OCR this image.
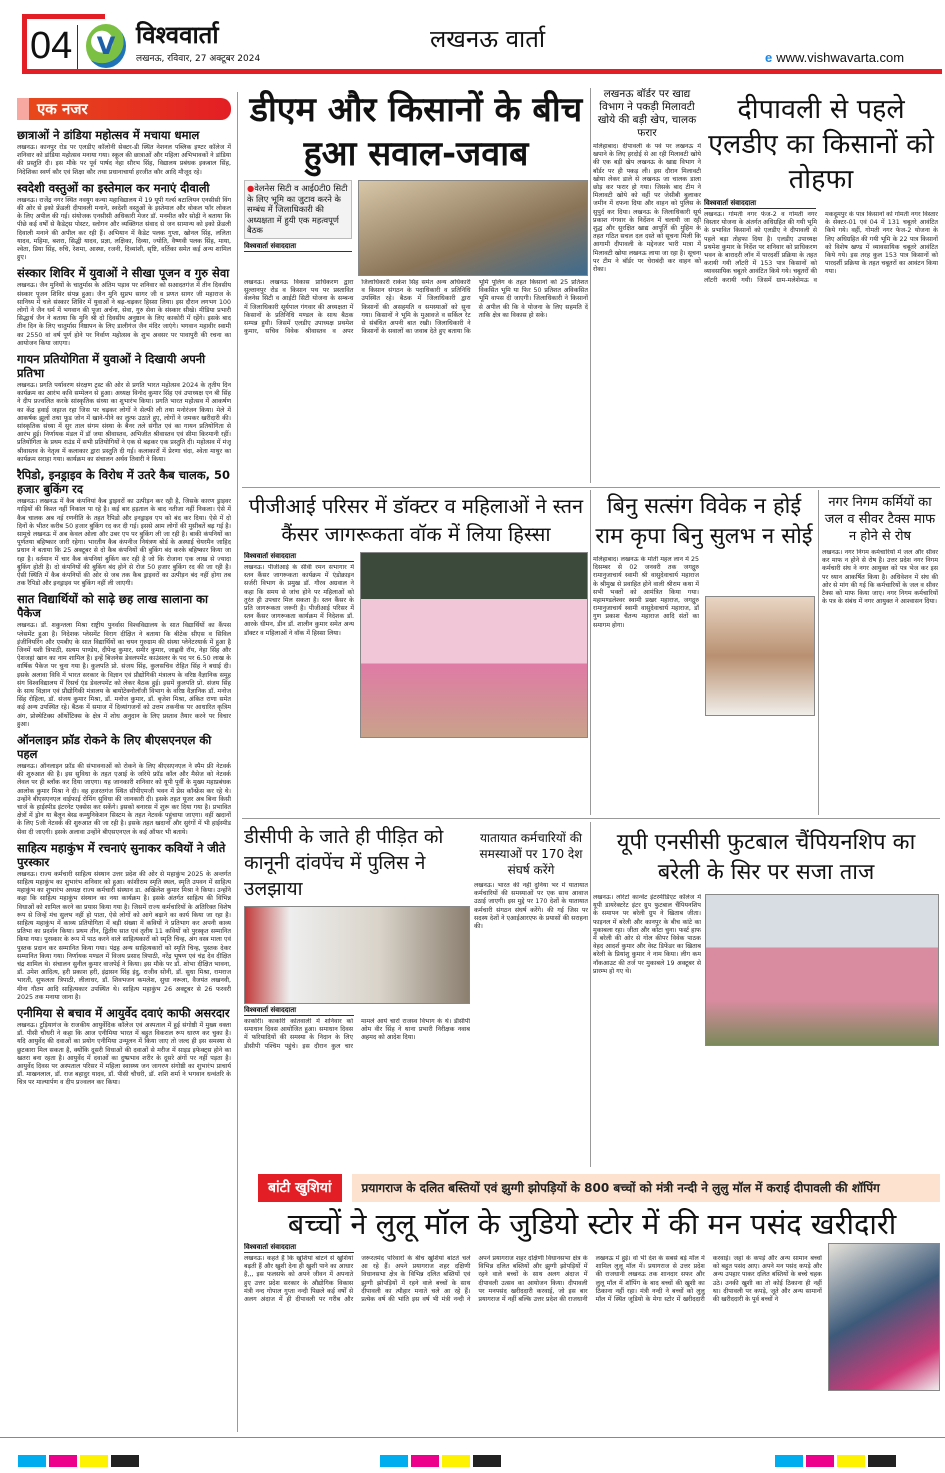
04	V विश्ववार्ता
लखनऊ, रविवार, 27 अक्टूबर 2024
लखनऊ वार्ता
e www.vishwavarta.com
एक नजर
छात्राओं ने डांडिया महोत्सव में मचाया धमाल
लखनऊ। कानपुर रोड पर एलडीए कॉलोनी सेक्टर-डी स्थित नेशनल पब्लिक इण्टर कॉलेज में शनिवार को डांडिया महोत्सव मनाया गया। स्कूल की छात्राओं और महिला अभिभावकों ने डांडिया की प्रस्तुति दी। इस मौके पर पूर्व पार्षद नेहा सौरभ सिंह, विद्यालय प्रबंधक इकबाल सिंह, निदेशिका स्वर्ण कौर एवं शिक्षा कौर तथा प्रधानाचार्या हरजीत कौर आदि मौजूद रहे।
स्वदेशी वस्तुओं का इस्तेमाल कर मनाएं दीवाली
लखनऊ। राजेंद्र नगर स्थित नवयुग कन्या महाविद्यालय में 19 यूपी गर्ल्स बटालियन एनसीसी विंग की ओर से इको फ्रेंडली दीपावली मनाने, स्वदेशी वस्तुओं के इस्तेमाल और वोकल फॉर लोकल के लिए अपील की गई। संयोजक एनसीसी अधिकारी मेजर डॉ. मनमीत कौर सोढ़ी ने बताया कि पीछे कई वर्षों से कैडेट्स पोस्टर, स्लोगन और व्यक्तिगत संवाद से जन सामान्य को इको फ्रेंडली दिवाली मनाने की अपील कर रही हैं। अभियान में कैडेट पलक गुप्ता, खोनल सिंह, ललिता यादव, महिमा, बशरा, सिद्धी यादव, प्रज्ञा, लक्षिका, दिव्या, ज्योति, वैष्णवी पलक सिंह, माया, श्वेता, प्रिया सिंह, रुचि, रेशमा, आस्था, रजनी, दिव्यांशी, सृष्टि, वर्तिका समेत कई अन्य शामिल हुए।
संस्कार शिविर में युवाओं ने सीखा पूजन व गुरु सेवा
लखनऊ। जैन मुनियों के चातुर्मास के अंतिम पड़ाव पर शनिवार को सआदतगंज में तीन दिवसीय संस्कार पूजन शिविर संपन्न हुआ। जैन मुनि सुप्रभ सागर जी व प्रणत सागर जी महाराज के सानिध्य में चले संस्कार शिविर में युवाओं ने बढ़-चढ़कर हिस्सा लिया। इस दौरान लगभग 100 लोगों ने जैन धर्म में भगवान की पूजा अर्चना, सेवा, गुरु सेवा के संस्कार सीखे। मीडिया प्रभारी सिद्धार्थ जैन ने बताया कि मुनि श्री दो दिवसीय अनुष्ठान के लिए काकोरी में रहेंगे। इसके बाद तीन दिन के लिए चातुर्मास निष्ठापन के लिए डालीगंज जैन मंदिर जाएंगे। भगवान महावीर स्वामी का 2550 वां वर्ष पूर्ण होने पर निर्वाण महोत्सव के शुभ अवसर पर पावापुरी की रचना का आयोजन किया जाएगा।
गायन प्रतियोगिता में युवाओं ने दिखायी अपनी प्रतिभा
लखनऊ। प्रगति पर्यावरण संरक्षण ट्रस्ट की ओर से प्रगति भारत महोत्सव 2024 के तृतीय दिन कार्यक्रम का आरंभ कवि सम्मेलन से हुआ। अध्यक्ष विनोद कुमार सिंह एवं उपाध्यक्ष एन बी सिंह ने दीप प्रज्वलित करके सांस्कृतिक संध्या का शुभारंभ किया। प्रगति भारत महोत्सव में आकर्षण का केंद्र हवाई जहाज रहा जिस पर चढ़कर लोगों ने सेल्फी ली तथा मनोरंजन किया। मेले में आकर्षक झूलों तथा फूड जोन में खाने-पीने का लुत्फ उठाते हुए, लोगों ने जमकर खरीदारी की। सांस्कृतिक संध्या में सुर ताल संगम संस्था के बैनर तले संगीत एवं का गायन प्रतियोगिता से आरंभ हुई। निर्णायक मंडल में डॉ जया श्रीवास्तव, अभिजीत श्रीवास्तव एवं सीमा किरमानी रहीं। प्रतियोगिता के प्रथम राउंड में सभी प्रतियोगियों ने एक से बढ़कर एक प्रस्तुति दी। महोत्सव में मंजू श्रीवास्तव के नेतृत्व में कलाकार द्वारा प्रस्तुति दी गई। कलाकारों में प्रेरणा चंदा, श्वेता माथुर का कार्यक्रम सराहा गया। कार्यक्रम का संचालन अर्थव तिवारी ने किया।
रैपिडो, इनड्राइव के विरोध में उतरे कैब चालक, 50 हजार बुकिंग रद
लखनऊ। लखनऊ में कैब कंपनियां कैब ड्राइवरों का उत्पीड़न कर रही है, जिसके कारण ड्राइवर गाड़ियों की किश्त नहीं निकाल पा रहे है। कई बार हड़ताल के बाद नतीजा नहीं निकला। ऐसे में कैब चालक अब नई रणनीति के तहत रैपिडो और इनड्राइव एप को बंद कर दिया। ऐसे में दो दिनों के भीतर करीब 50 हजार बुकिंग रद कर दी गई। इससे आम लोगों की मुसीबतें बढ़ गई है। सामूचे लखनऊ में अब केवल ओला और उबर एप पर बुकिंग ली जा रही है। बाकी कंपनियों का पूर्णतया बहिष्कार जारी रहेगा। भारतीय कैब कंपनीज नियंत्रण बोर्ड के अस्थाई चेयरमैन जाहिद प्रधान ने बताया कि 25 अक्टूबर से दो कैब कंपनियों की बुकिंग बंद करके बहिष्कार किया जा रहा है। वर्तमान में चार कैब कंपनियां बुकिंग कर रही है जो कि रोजाना एक लाख से ज्यादा बुकिंग होती है। दो कंपनियों की बुकिंग बंद होने से रोज 50 हजार बुकिंग रद की जा रही है। ऐसी स्थिति में कैब कंपनियों की ओर से जब तक कैब ड्राइवरों का उत्पीड़न बंद नहीं होगा तब तक रैपिडो और इनड्राइव पर बुकिंग नहीं ली जाएगी।
सात विद्यार्थियों को साढ़े छह लाख सालाना का पैकेज
लखनऊ। डॉ. शकुन्तला मिश्रा राष्ट्रीय पुनर्वास विश्वविद्यालय के सात विद्यार्थियों का कैंपस प्लेसमेंट हुआ है। निदेशक प्लेसमेंट विराग दीक्षित ने बताया कि बीटेक सीएस व सिविल इंजीनियरिंग और एमबीए के सात विद्यार्थियों का चयन गुरुग्राम की संस्था प्लेनेटरयार्क में हुआ है जिनमें यशी त्रिपाठी, सत्यम पाण्डेय, दीपेन्द्र कुमार, समीर कुमार, जाह्नवी रॉय, नेहा सिंह और ऐशजहां खान का नाम शामिल है। इन्हें बिजनेस डेवलपमेंट काउंसलर के पद पर 6.50 लाख के वार्षिक पैकेज पर चुना गया है। कुलपति प्रो. संजय सिंह, कुलसचिव रोहित सिंह ने बधाई दी। इसके अलावा विवि में भारत सरकार के विज्ञान एवं प्रौद्योगिकी मंत्रालय के वरिष्ठ वैज्ञानिक समूह संग विश्वविद्यालय में रिसर्च एंड डेवलपमेंट को लेकर बैठक हुई। इसमें कुलपति प्रो. संजय सिंह के साथ विज्ञान एवं प्रौद्योगिकी मंत्रालय के बायोटेक्नोलॉजी विभाग के वरिष्ठ वैज्ञानिक डॉ. मनोज सिंह रोहिला, डॉ. संजय कुमार मिश्रा, डॉ. मनोज कुमार, डॉ. बृजेश मिश्रा, अंकित राणा समेत कई अन्य उपस्थित रहे। बैठक में समाज में दिव्यांगजनों को उत्तम तकनीक पर आधारित कृत्रिम अंग, प्रोस्थेटिक्स ऑर्थोटिक्स के क्षेत्र में शोध अनुदान के लिए प्रस्ताव तैयार करने पर विचार हुआ।
ऑनलाइन फ्रॉड रोकने के लिए बीएसएनएल की पहल
लखनऊ। ऑनलाइन फ्रॉड की संभावनाओं को रोकने के लिए बीएसएनएल ने स्पैम फ्री नेटवर्क की शुरुआत की है। इस सुविधा के तहत एआई के जरिये फ्रॉड कॉल और मैसेज को नेटवर्क लेवल पर ही ब्लॉक कर दिया जाएगा। यह जानकारी शनिवार को यूपी पूर्वी के मुख्य महाप्रबंधक आलोक कुमार मिश्रा ने दी। वह हजरतगंज स्थित सीपीएमजी भवन में प्रेस कॉन्फ्रेंस कर रहे थे। उन्होंने बीएसएनएल वाईफाई रोमिंग सुविधा की जानकारी दी। इसके तहत यूजर अब बिना किसी चार्ज के हाईस्पीड इंटरनेट एक्सेस कर सकेंगे। इसको बनारस में शुरू कर दिया गया है। प्रभावित क्षेत्रों में ड्रोन या बैलून बेस्ड कम्युनिकेशन सिस्टम के तहत नेटवर्क पहुंचाया जाएगा। वहीं खदानों के लिए 5जी नेटवर्क की शुरुआत की जा रही है। इसके तहत खदानों और सुरंगों में भी हाईस्पीड सेवा दी जाएगी। इसके अलावा उन्होंने बीएसएनएल के कई ऑफर भी बताये।
साहित्य महाकुंभ में रचनाएं सुनाकर कवियों ने जीते पुरस्कार
लखनऊ। राज्य कर्मचारी साहित्य संस्थान उत्तर प्रदेश की ओर से महाकुंभ 2025 के अन्तर्गत साहित्य महाकुंभ का शुभारंभ शनिवार को हुआ। कांशीराम स्मृति स्थल, स्मृति उपवन में साहित्य महाकुंभ का शुभारंभ अध्यक्ष राज्य कर्मचारी संस्थान डा. अखिलेश कुमार मिश्रा ने किया। उन्होंने कहा कि साहित्य महाकुंभ संस्थान का नया कार्यक्रम है। इसके अंतर्गत साहित्य की विभिन्न विधाओं को शामिल करने का प्रयास किया गया है। जिसमें राज्य कर्मचारियों के अतिरिक्त विशेष रूप से जिन्हें मंच सुलभ नहीं हो पाता, ऐसे लोगों को आगे बढ़ाने का कार्य किया जा रहा है। साहित्य महाकुंभ में काव्य प्रतियोगिता में बड़ी संख्या में कवियों ने प्रतिभाग कर अपनी काव्य प्रतिभा का प्रदर्शन किया। प्रथम तीन, द्वितीय सात एवं तृतीय 11 कवियों को पुरस्कृत सम्मानित किया गया। पुरस्कार के रूप में पाठ करने वाले साहित्यकारों को स्मृति चिन्ह, अंग वस्त्र माला एवं पुस्तक प्रदान कर सम्मानित किया गया। पंद्रह अन्य साहित्यकारों को स्मृति चिन्ह, पुस्तक देकर सम्मानित किया गया। निर्णायक मण्डल में विजय प्रसाद त्रिपाठी, नरेंद्र भूषण एवं चंद्र देव दीक्षित चंद्र शामिल थे। संचालन सुनील कुमार वाजपेई ने किया। इस मौके पर डॉ. शोभा दीक्षित भावना, डॉ. उमेश आदित्य, हरी प्रकाश हरी, इंद्रासन सिंह इंदु, राजीव सोनी, डॉ. सुधा मिश्रा, रामराज भारती, सुफलता त्रिपाठी, लीलाधर, डॉ. शिवभजन कमलेश, सुधा नरूला, वैजयंत लखनवी, मीना गौतम आदि साहित्यकार उपस्थित थे। साहित्य महाकुंभ 26 अक्टूबर से 26 फरवरी 2025 तक मनाया जाना है।
एनीमिया से बचाव में आयुर्वेद दवाएं काफी असरदार
लखनऊ। टुड़ियागंज के राजकीय आयुर्वेदिक कॉलेज एवं अस्पताल में हुई संगोष्ठी में मुख्य वक्ता डॉ. पीसी चौधरी ने कहा कि आज एनीमिया भारत में बहुत विकराल रूप धारण कर चुका है। यदि आयुर्वेद की दवाओं का प्रयोग एनीमिया उन्मूलन में किया जाए तो जल्द ही इस समस्या से छुटकारा मिल सकता है, क्योंकि दूसरी विधाओं की दवाओं से मरीज में साइड इफेक्ट्स होने का खतरा बना रहता है। आयुर्वेद में दवाओं का दुष्प्रभाव शरीर के दूसरे अंगों पर नहीं पड़ता है। आयुर्वेद दिवस पर अस्पताल परिसर में महिला स्वास्थ्य जन जागरण संगोष्ठी का शुभारंभ प्राचार्य डॉ. माखनलाल, डॉ. राज बहादुर यादव, डॉ. पीसी चौधरी, डॉ. शशि शर्मा ने भगवान धन्वंतरि के चित्र पर माल्यार्पण व दीप प्रज्वलन कर किया।
डीएम और किसानों के बीच हुआ सवाल-जवाब
●वेलनेस सिटी व आई0टी0 सिटी के लिए भूमि का जुटाव करने के सम्बंध में जिलाधिकारी की अध्यक्षता में हुयी एक महत्वपूर्ण बैठक
विश्ववार्ता संवाददाता
लखनऊ। लखनऊ विकास प्राधिकरण द्वारा सुल्तानपुर रोड व किसान पथ पर प्रस्तावित वेलनेस सिटी व आईटी सिटी योजना के सम्बन्ध में जिलाधिकारी सूर्यपाल गंगवार की अध्यक्षता में किसानों के प्रतिनिधि मण्डल के साथ बैठक सम्पन्न हुयी। जिसमें एलडीए उपाध्यक्ष प्रथमेश कुमार, सचिव विवेक श्रीवास्तव व अपर जिलाधिकारी राकेश सिंह समेत अन्य अधिकारी व किसान संगठन के पदाधिकारी व प्रतिनिधि उपस्थित रहे। बैठक में जिलाधिकारी द्वारा किसानों की असहमति व समस्याओं को सुना गया। किसानों ने भूमि के मुआवजे व सर्किल रेट से संबंधित अपनी बात रखी। जिलाधिकारी ने किसानों के सवालों का जवाब देते हुए बताया कि भूमि पूलिंग के तहत किसानों को 25 प्रतिशत विकसित भूमि या फिर 50 प्रतिशत अविकसित भूमि वापस दी जाएगी। जिलाधिकारी ने किसानों से अपील की कि वे योजना के लिए सहमति दें ताकि क्षेत्र का विकास हो सके।
लखनऊ बॉर्डर पर खाद्य विभाग ने पकड़ी मिलावटी खोये की बड़ी खेप, चालक फरार
मलिहाबाद। दीपावली के पर्व पर लखनऊ में खपाने के लिए हरदोई से आ रही मिलावटी खोये की एक बड़ी खेप लखनऊ के खाद्य विभाग ने बॉर्डर पर ही पकड़ ली। इस दौरान मिलावटी खोया लेकर डाले से लखनऊ जा चालक डाला छोड़ कर फरार हो गया। जिसके बाद टीम ने मिलावटी खोये को वहीं पर जेसीबी बुलाकर जमीन में दफना दिया और वाहन को पुलिस के सुपुर्द कर दिया। लखनऊ के जिलाधिकारी सूर्य प्रकाश गंगवार के निर्देशन में चलायी जा रही शुद्ध और सुरक्षित खाद्य आपूर्ति की मुहिम के तहत गठित सचल दल दस्ते को सूचना मिली कि आगामी दीपावली के मद्देनजर भारी मात्रा में मिलावटी खोया लखनऊ लाया जा रहा है। सूचना पर टीम ने बॉर्डर पर घेराबंदी कर वाहन को रोका।
दीपावली से पहले एलडीए का किसानों को तोहफा
विश्ववार्ता संवाददाता
लखनऊ। गोमती नगर फेज-2 व गोमती नगर विस्तार योजना के अंतर्गत अधिग्रहित की गयी भूमि के प्रभावित किसानों को एलडीए ने दीपावली से पहले बड़ा तोहफा दिया है। एलडीए उपाध्यक्ष प्रथमेश कुमार के निर्देश पर शनिवार को प्राधिकरण भवन के बारादरी लॉन में पारदर्शी प्रक्रिया के तहत करायी गयी लॉटरी में 153 पात्र किसानों को व्यावसायिक चबूतरे आवंटित किये गये। चबूतरों की लॉटरी करायी गयी। जिसमें ग्राम-मलेशेमऊ व मकदूमपुर के पात्र किसानों को गोमती नगर विस्तार के सेक्टर-01 एवं 04 में 131 चबूतरे आवंटित किये गये। वहीं, गोमती नगर फेज-2 योजना के लिए अधिग्रहित की गयी भूमि के 22 पात्र किसानों को विशेष खण्ड में व्यावसायिक चबूतरे आवंटित किये गये। इस तरह कुल 153 पात्र किसानों को पारदर्शी प्रक्रिया के तहत चबूतरों का आवंटन किया गया।
पीजीआई परिसर में डॉक्टर व महिलाओं ने स्तन कैंसर जागरूकता वॉक में लिया हिस्सा
विश्ववार्ता संवाददाता
लखनऊ। पीजीआई के सीवी रमन सभागार में स्तन कैंसर जागरूकता कार्यक्रम में एंडोक्राइन सर्जरी विभाग के प्रमुख डॉ. गौरव अग्रवाल ने कहा कि समय से जांच होने पर महिलाओं को तुरंत ही उपचार मिल सकता है। स्तन कैंसर के प्रति जागरूकता जरूरी है। पीजीआई परिसर में स्तन कैंसर जागरूकता कार्यक्रम में निदेशक डॉ. आरके धीमन, डीन डॉ. शालीन कुमार समेत अन्य डॉक्टर व महिलाओं ने वॉक में हिस्सा लिया।
बिनु सत्संग विवेक न होई राम कृपा बिनु सुलभ न सोई
मलिहाबाद। लखनऊ के मोती महल लान में 25 दिसम्बर से 02 जनवरी तक जगद्गुरु रामानुजाचार्य स्वामी श्री वासुदेवाचार्य महाराज के श्रीमुख से प्रवाहित होने वाली श्रीराम कथा में सभी भक्तों को आमंत्रित किया गया। महामण्डलेश्वर स्वामी प्रखर महाराज, जगद्गुरु रामानुजाचार्य स्वामी वासुदेवाचार्य महाराज, डॉ गुण प्रकाश चैतन्य महाराज आदि संतों का समागम होगा।
नगर निगम कर्मियों का जल व सीवर टैक्स माफ न होने से रोष
लखनऊ। नगर निगम कर्मचारियों में जल और सीवर कर माफ न होने से रोष है। उत्तर प्रदेश नगर निगम कर्मचारी संघ ने नगर आयुक्त को पत्र भेज कर इस पर ध्यान आकर्षित किया है। अधिवेशन में संघ की ओर से मांग की गई कि कर्मचारियों के जल व सीवर टैक्स को माफ किया जाए। नगर निगम कर्मचारियों के पत्र के संबंध में नगर आयुक्त ने आश्वासन दिया।
डीसीपी के जाते ही पीड़ित को कानूनी दांवपेंच में पुलिस ने उलझाया
विश्ववार्ता संवाददाता
काकोरी। काकोरी कोतवाली में शनिवार को समाधान दिवस आयोजित हुआ। समाधान दिवस में फरियादियों की समस्या के निदान के लिए डीसीपी पश्चिम पहुंचे। इस दौरान कुल चार मामले आये चारों राजस्व विभाग के थे। डीसीपी ओम वीर सिंह ने थाना प्रभारी निरीक्षक नवाब अहमद को आदेश दिया।
यातायात कर्मचारियों की समस्याओं पर 170 देश संघर्ष करेंगे
लखनऊ। भारत की नहीं दुनिया भर में यातायात कर्मचारियों की समस्याओं पर एक साथ आवाज उठाई जाएगी। इस मुद्दे पर 170 देशों के यातायात कर्मचारी संगठन संघर्ष करेंगे। की गई जिस पर सदस्य देशों ने एआईआरएफ के प्रयासों की सराहना की।
यूपी एनसीसी फुटबाल चैंपियनशिप का बरेली के सिर पर सजा ताज
लखनऊ। लोरेटो कान्वेंट इंटरमीडिएट कॉलेज में यूपी डायरेक्टरेट इंटर ग्रुप फुटबाल चैंपियनशिप के समापन पर बरेली ग्रुप ने खिताब जीता। फाइनल में बरेली और कानपुर के बीच कांटे का मुकाबला रहा। जीता और कोटा चुना। फर्स्ट हाफ में बरेली की ओर से गोल कीपर विवेक पाठक वेहद आदर्श कुमार और वेस्ट डिफेंडर का खिताब बरेली के प्रियांशु कुमार ने नाम किया। लीग कम नॉकआउट की तर्ज पर मुकाबले 19 अक्टूबर से प्रारम्भ हो गए थे।
बांटी खुशियां	प्रयागराज के दलित बस्तियों एवं झुग्गी झोपड़ियों के 800 बच्चों को मंत्री नन्दी ने लुलु मॉल में कराई दीपावली की शॉपिंग
बच्चों ने लुलू मॉल के जुडियो स्टोर में की मन पसंद खरीदारी
विश्ववार्ता संवाददाता
लखनऊ। कहते हैं कि खुशियां बांटने से खुशियां बढ़ती हैं और खुशी देना ही खुशी पाने का आधार है,,, इस फलसफे को अपने जीवन में अपनाते हुए उत्तर प्रदेश सरकार के औद्योगिक विकास मंत्री नन्द गोपाल गुप्ता नन्दी पिछले कई वर्षों से अलग अंदाज में ही दीपावली पर गरीब और जरूरतमंद परिवारों के बीच खुशियां बांटते चले आ रहे हैं। अपने प्रयागराज शहर दक्षिणी विधानसभा क्षेत्र के विभिन्न दलित बस्तियों एवं झुग्गी झोपड़ियों में रहने वाले बच्चों के साथ दीपावली का त्यौहार मनाते चले आ रहे हैं। प्रत्येक वर्ष की भांति इस वर्ष भी मंत्री नन्दी ने अपने प्रयागराज शहर दक्षिणी विधानसभा क्षेत्र के विभिन्न दलित बस्तियों और झुग्गी झोपड़ियों में रहने वाले बच्चों के साथ अलग अंदाज में दीपावली उत्सव का आयोजन किया। दीपावली पर मनपसंद खरीददारी करवाई, जो इस बार प्रयागराज में नहीं बल्कि उत्तर प्रदेश की राजधानी लखनऊ में हुई। वो भी देश के सबसे बड़े मॉल में शामिल लुलू मॉल में। प्रयागराज से उत्तर प्रदेश की राजधानी लखनऊ तक शानदार सफर और लुलू मॉल में शॉपिंग के बाद बच्चों की खुशी का ठिकाना नहीं रहा। मंत्री नन्दी ने बच्चों को लुलु मॉल में स्थित जूडियो के मेगा स्टोर में खरीददारी करवाई। जहां के कपड़े और अन्य सामान बच्चों को बहुत पसंद आए। अपने मन पसंद कपड़े और अन्य उपहार पाकर दलित बस्तियों के बच्चे चहक उठे। उनकी खुशी का तो कोई ठिकाना ही नहीं था। दीपावली पर कपड़े, जूते और अन्य सामानों की खरीददारी के पूर्व बच्चों ने
